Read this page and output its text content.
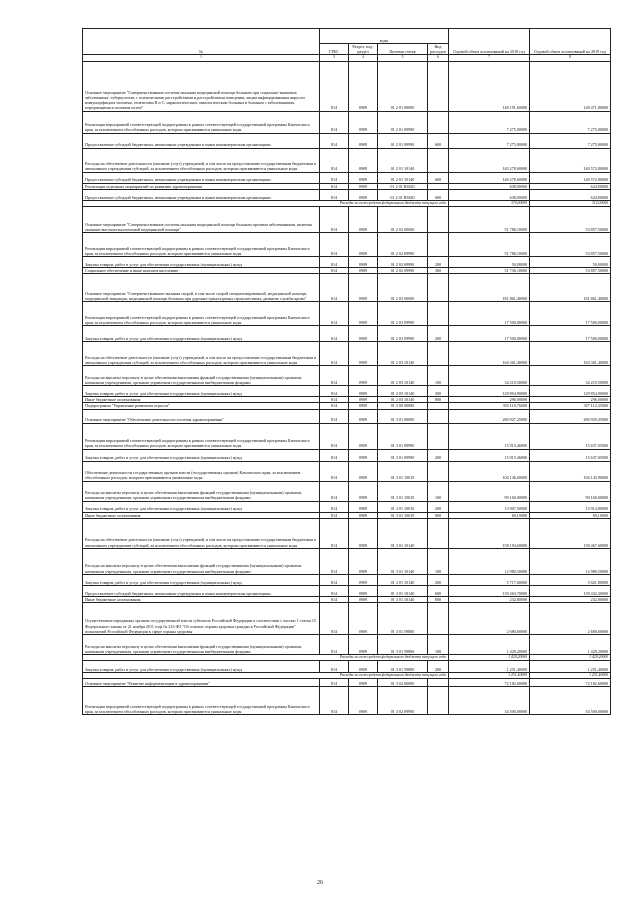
№	коды				Годовой объем ассигнований на 2018 год	Годовой объем ассигнований на 2019 год
	ГРБС	Раздел, под-раздел	Целевая статья	Вид расходов		
1	3	4	5	6	7	8
Основное мероприятие "Совершенствование системы оказания медицинской помощи больным при социально-значимых заболеваниях: туберкулезом; с психическими расстройствами и расстройствами поведения; лицам инфицированным вирусом иммунодефицита человека, гепатитами В и С; наркологическим, онкологическим больным и больным с заболеваниями, передающимися половым путем"	814	0909	01 2 01 00000		148 191,60000	148 471,80000
Реализация мероприятий соответствующей подпрограммы в рамках соответствующей государственной программы Камчатского края, за исключением обособленных расходов, которым присваиваются уникальные коды	814	0909	01 2 01 09990		7 275,00000	7 275,00000
Предоставление субсидий бюджетным, автономным учреждениям и иным некоммерческим организациям	814	0909	01 2 01 09990	600	7 275,00000	7 275,00000
Расходы на обеспечение деятельности (оказание услуг) учреждений, в том числе на предоставление государственным бюджетным и автономным учреждениям субсидий, за исключением обособленных расходов, которым присваиваются уникальные коды	814	0909	01 2 01 10140		140 278,60000	140 572,80000
Предоставление субсидий бюджетным, автономным учреждениям и иным некоммерческим организациям	814	0909	01 2 01 10140	600	140 278,60000	140 572,80000
Реализация отдельных мероприятий по развитию здравоохранения	814	0909	01 2 01 R3820		638,00000	624,00000
Предоставление субсидий бюджетным, автономным учреждениям и иным некоммерческим организациям	814	0909	01 2 01 R3820	600	638,00000	624,00000
Расходы за счет средств федерального бюджета текущего года					370,00000	312,00000
Основное мероприятие "Совершенствование системы оказания медицинской помощи больным прочими заболеваниями, включая оказание высокотехнологичной медицинской помощи"	814	0909	01 2 02 00000		51 786,10000	53 857,50000
Реализация мероприятий соответствующей подпрограммы в рамках соответствующей государственной программы Камчатского края, за исключением обособленных расходов, которым присваиваются уникальные коды	814	0909	01 2 02 09990		51 786,10000	53 857,50000
Закупка товаров, работ и услуг для обеспечения государственных (муниципальных) нужд	814	0909	01 2 02 09990	200	50,00000	50,00000
Социальное обеспечение и иные выплаты населению	814	0909	01 2 02 09990	300	51 736,10000	53 807,50000
Основное мероприятие "Совершенствование оказания скорой, в том числе скорой специализированной, медицинской помощи, медицинской эвакуации, медицинской помощи больным при дорожно-транспортных происшествиях, развитие службы крови"	814	0909	01 2 03 00000		181 861,40000	181 861,40000
Реализация мероприятий соответствующей подпрограммы в рамках соответствующей государственной программы Камчатского края, за исключением обособленных расходов, которым присваиваются уникальные коды	814	0909	01 2 03 09990		17 500,00000	17 500,00000
Закупка товаров, работ и услуг для обеспечения государственных (муниципальных) нужд	814	0909	01 2 03 09990	200	17 500,00000	17 500,00000
Расходы на обеспечение деятельности (оказание услуг) учреждений, в том числе на предоставление государственным бюджетным и автономным учреждениям субсидий, за исключением обособленных расходов, которым присваиваются уникальные коды	814	0909	01 2 03 10140		164 361,40000	164 361,40000
Расходы на выплаты персоналу в целях обеспечения выполнения функций государственными (муниципальными) органами, казенными учреждениями, органами управления государственными внебюджетными фондами	814	0909	01 2 03 10140	100	34 210,50000	34 210,50000
Закупка товаров, работ и услуг для обеспечения государственных (муниципальных) нужд	814	0909	01 2 03 10140	200	129 854,90000	129 854,90000
Иные бюджетные ассигнования	814	0909	01 2 03 10140	800	296,00000	296,00000
Подпрограмма "Управление развитием отрасли"	814	0909	01 3 00 00000		355 110,76000	357 112,35000
Основное мероприятие "Обеспечение деятельности системы здравоохранения"	814	0909	01 3 01 00000		280 927,25000	280 929,35000
Реализация мероприятий соответствующей подпрограммы в рамках соответствующей государственной программы Камчатского края, за исключением обособленных расходов, которым присваиваются уникальные коды	814	0909	01 3 01 09990		15 915,46000	15 637,05000
Закупка товаров, работ и услуг для обеспечения государственных (муниципальных) нужд	814	0909	01 3 01 09990	200	15 915,46000	15 637,05000
Обеспечение деятельности государственных органов власти (государственных органов) Камчатского края, за исключением обособленных расходов, которым присваиваются уникальные коды	814	0909	01 3 01 10010		104 136,60000	104 143,90000
Расходы на выплаты персоналу в целях обеспечения выполнения функций государственными (муниципальными) органами, казенными учреждениями, органами управления государственными внебюджетными фондами	814	0909	01 3 01 10010	100	90 160,00000	90 160,00000
Закупка товаров, работ и услуг для обеспечения государственных (муниципальных) нужд	814	0909	01 3 01 10010	200	13 907,50000	13 914,80000
Иные бюджетные ассигнования	814	0909	01 3 01 10010	800	69,10000	69,10000
Расходы на обеспечение деятельности (оказание услуг) учреждений, в том числе на предоставление государственным бюджетным и автономным учреждениям субсидий, за исключением обособленных расходов, которым присваиваются уникальные коды	814	0909	01 3 01 10140		158 194,60000	158 467,60000
Расходы на выплаты персоналу в целях обеспечения выполнения функций государственными (муниципальными) органами, казенными учреждениями, органами управления государственными внебюджетными фондами	814	0909	01 3 01 10140	100	12 980,50000	12 980,50000
Закупка товаров, работ и услуг для обеспечения государственных (муниципальных) нужд	814	0909	01 3 01 10140	200	5 717,60000	5 821,80000
Предоставление субсидий бюджетным, автономным учреждениям и иным некоммерческим организациям	814	0909	01 3 01 10140	600	139 263,70000	139 432,30000
Иные бюджетные ассигнования	814	0909	01 3 01 10140	800	232,80000	232,80000
Осуществление переданных органам государственной власти субъектов Российской Федерации в соответствии с частью 1 статьи 15 Федерального закона от 21 ноября 2011 года № 323-ФЗ "Об основах охраны здоровья граждан в Российской Федерации" полномочий Российской Федерации в сфере охраны здоровья	814	0909	01 3 01 59800		2 680,60000	2 680,60000
Расходы на выплаты персоналу в целях обеспечения выполнения функций государственными (муниципальными) органами, казенными учреждениями, органами управления государственными внебюджетными фондами	814	0909	01 3 01 59800	100	1 429,20000	1 429,20000
Расходы за счет средств федерального бюджета текущего года					1 429,20000	1 429,20000
Закупка товаров, работ и услуг для обеспечения государственных (муниципальных) нужд	814	0909	01 3 01 59800	200	1 251,40000	1 251,40000
Расходы за счет средств федерального бюджета текущего года					1 251,40000	1 251,40000
Основное мероприятие "Развитие информатизации в здравоохранении"	814	0909	01 3 02 00000		72 182,60000	72 182,60000
Реализация мероприятий соответствующей подпрограммы в рамках соответствующей государственной программы Камчатского края, за исключением обособленных расходов, которым присваиваются уникальные коды	814	0909	01 3 02 09990		34 500,00000	34 500,00000
26
